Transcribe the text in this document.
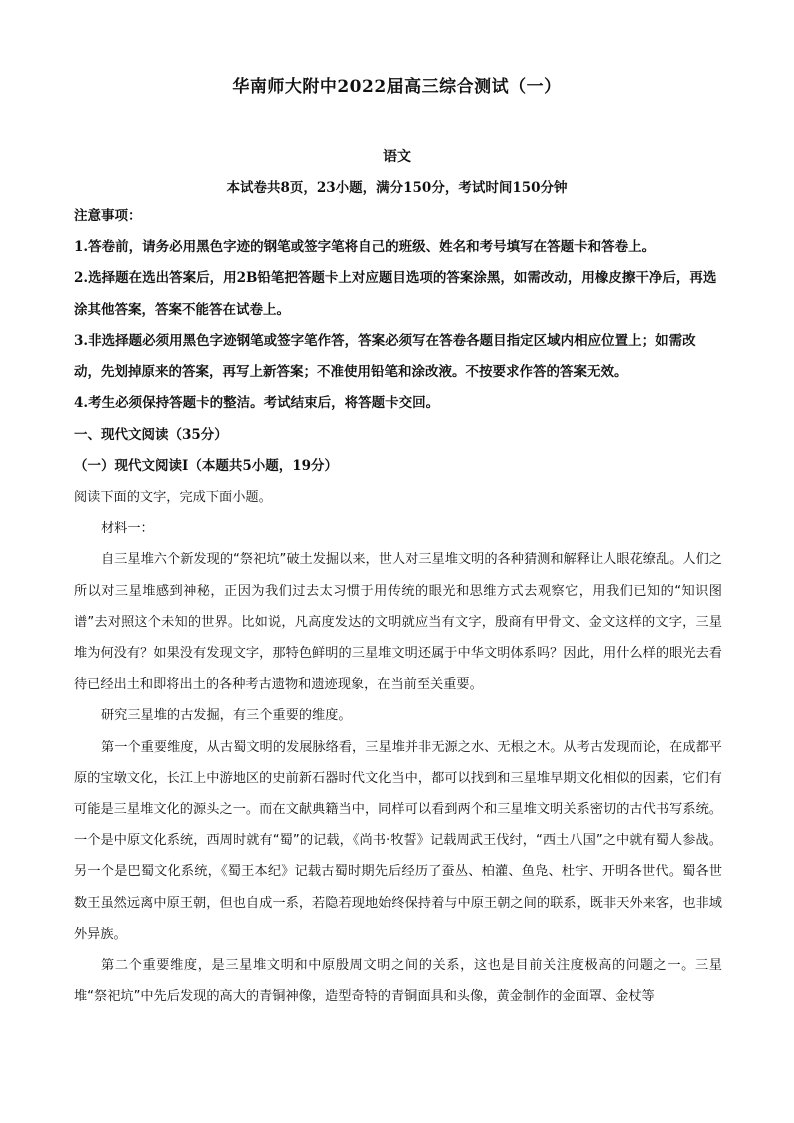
华南师大附中2022届高三综合测试（一）
语文
本试卷共8页，23小题，满分150分，考试时间150分钟

注意事项：

1.答卷前，请务必用黑色字迹的钢笔或签字笔将自己的班级、姓名和考号填写在答题卡和答卷上。

2.选择题在选出答案后，用2B铅笔把答题卡上对应题目选项的答案涂黑，如需改动，用橡皮擦干净后，再选涂其他答案，答案不能答在试卷上。

3.非选择题必须用黑色字迹钢笔或签字笔作答，答案必须写在答卷各题目指定区域内相应位置上；如需改动，先划掉原来的答案，再写上新答案；不准使用铅笔和涂改液。不按要求作答的答案无效。

4.考生必须保持答题卡的整洁。考试结束后，将答题卡交回。

一、现代文阅读（35分）

（一）现代文阅读Ⅰ（本题共5小题，19分）

阅读下面的文字，完成下面小题。

材料一：

自三星堆六个新发现的“祭祀坑”破土发掘以来，世人对三星堆文明的各种猜测和解释让人眼花缭乱。人们之所以对三星堆感到神秘，正因为我们过去太习惯于用传统的眼光和思维方式去观察它，用我们已知的“知识图谱”去对照这个未知的世界。比如说，凡高度发达的文明就应当有文字，殷商有甲骨文、金文这样的文字，三星堆为何没有？如果没有发现文字，那特色鲜明的三星堆文明还属于中华文明体系吗？因此，用什么样的眼光去看待已经出土和即将出土的各种考古遗物和遗迹现象，在当前至关重要。

研究三星堆的古发掘，有三个重要的维度。

第一个重要维度，从古蜀文明的发展脉络看，三星堆并非无源之水、无根之木。从考古发现而论，在成都平原的宝墩文化，长江上中游地区的史前新石器时代文化当中，都可以找到和三星堆早期文化相似的因素，它们有可能是三星堆文化的源头之一。而在文献典籍当中，同样可以看到两个和三星堆文明关系密切的古代书写系统。一个是中原文化系统，西周时就有“蜀”的记载，《尚书·牧誓》记载周武王伐纣，“西土八国”之中就有蜀人参战。另一个是巴蜀文化系统，《蜀王本纪》记载古蜀时期先后经历了蚕丛、柏灌、鱼凫、杜宇、开明各世代。蜀各世数王虽然远离中原王朝，但也自成一系，若隐若现地始终保持着与中原王朝之间的联系，既非天外来客，也非域外异族。

第二个重要维度，是三星堆文明和中原殷周文明之间的关系，这也是目前关注度极高的问题之一。三星堆“祭祀坑”中先后发现的高大的青铜神像，造型奇特的青铜面具和头像，黄金制作的金面罩、金杖等
